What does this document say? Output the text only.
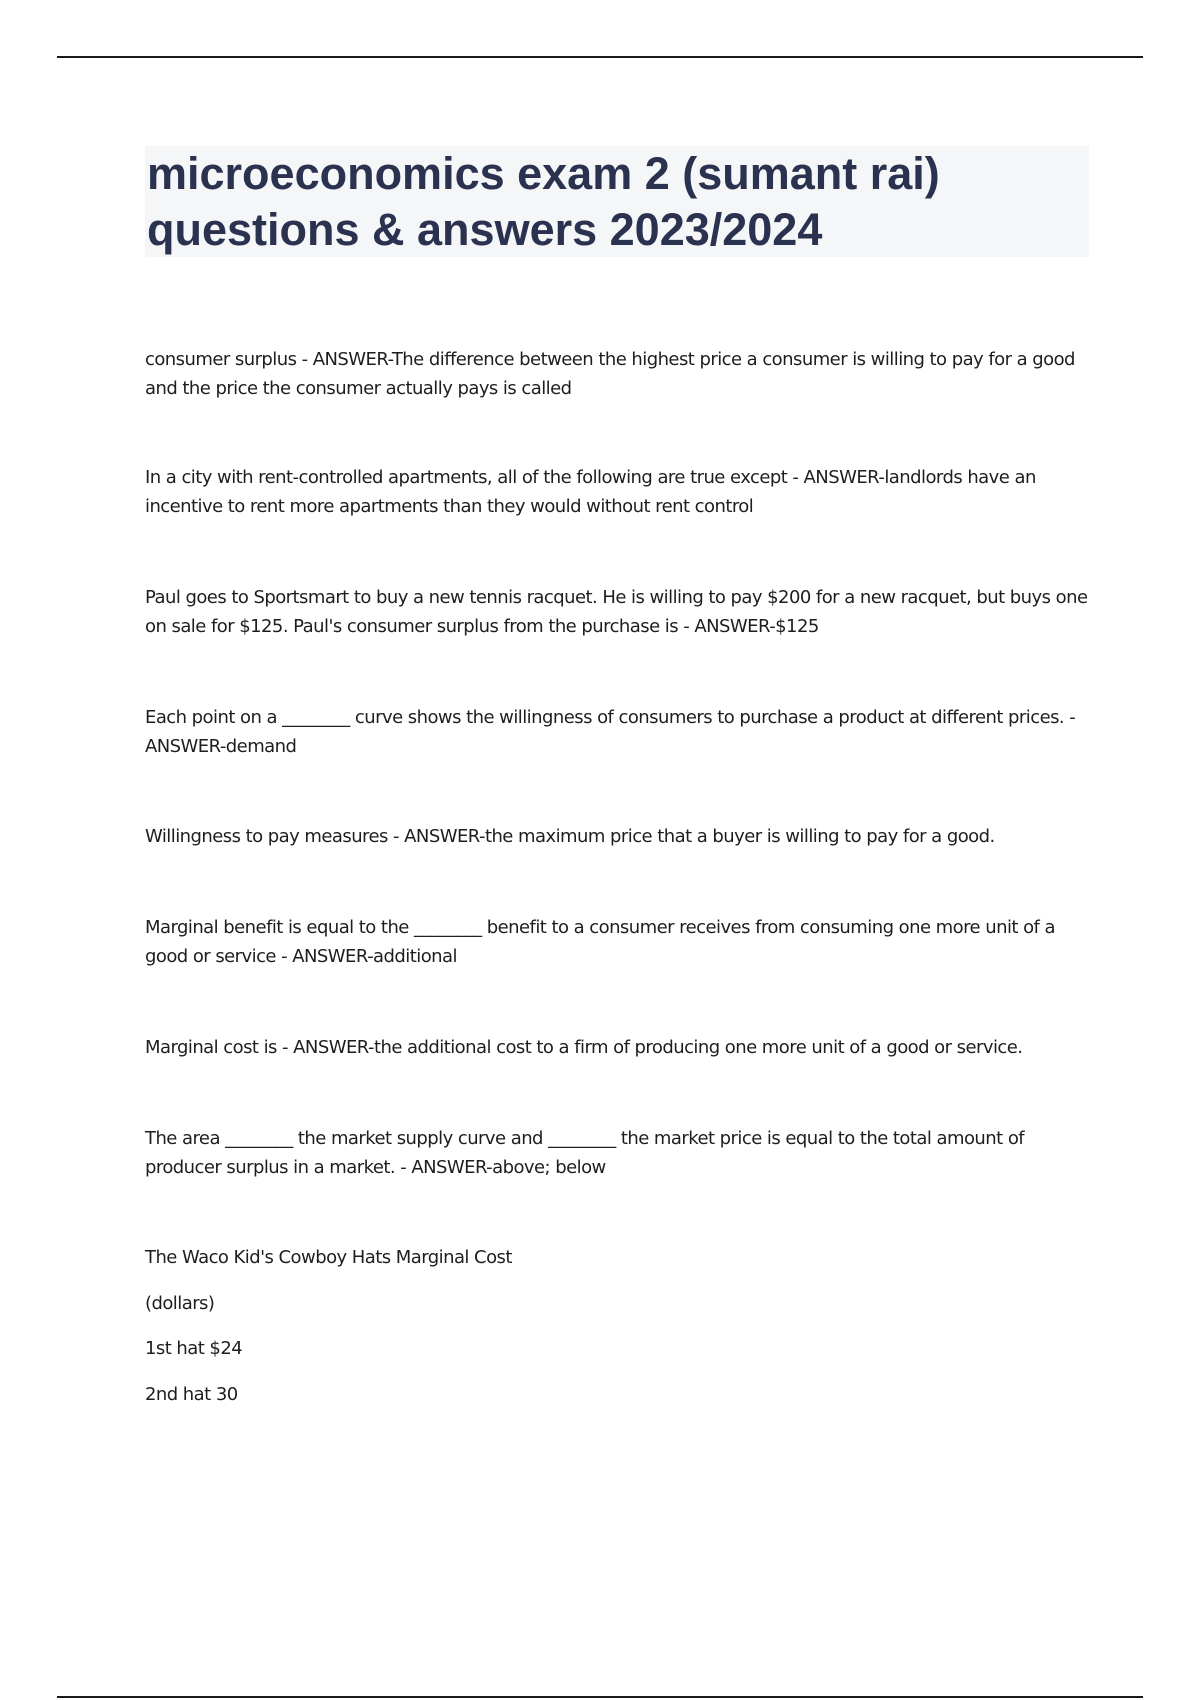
microeconomics exam 2 (sumant rai)
questions & answers 2023/2024

consumer surplus - ANSWER-The difference between the highest price a consumer is willing to pay for a good and the price the consumer actually pays is called

In a city with rent-controlled apartments, all of the following are true except - ANSWER-landlords have an incentive to rent more apartments than they would without rent control

Paul goes to Sportsmart to buy a new tennis racquet. He is willing to pay $200 for a new racquet, but buys one on sale for $125. Paul's consumer surplus from the purchase is - ANSWER-$125

Each point on a ________ curve shows the willingness of consumers to purchase a product at different prices. - ANSWER-demand

Willingness to pay measures - ANSWER-the maximum price that a buyer is willing to pay for a good.

Marginal benefit is equal to the ________ benefit to a consumer receives from consuming one more unit of a good or service - ANSWER-additional

Marginal cost is - ANSWER-the additional cost to a firm of producing one more unit of a good or service.

The area ________ the market supply curve and ________ the market price is equal to the total amount of producer surplus in a market. - ANSWER-above; below

The Waco Kid's Cowboy Hats Marginal Cost

(dollars)

1st hat $24

2nd hat 30
